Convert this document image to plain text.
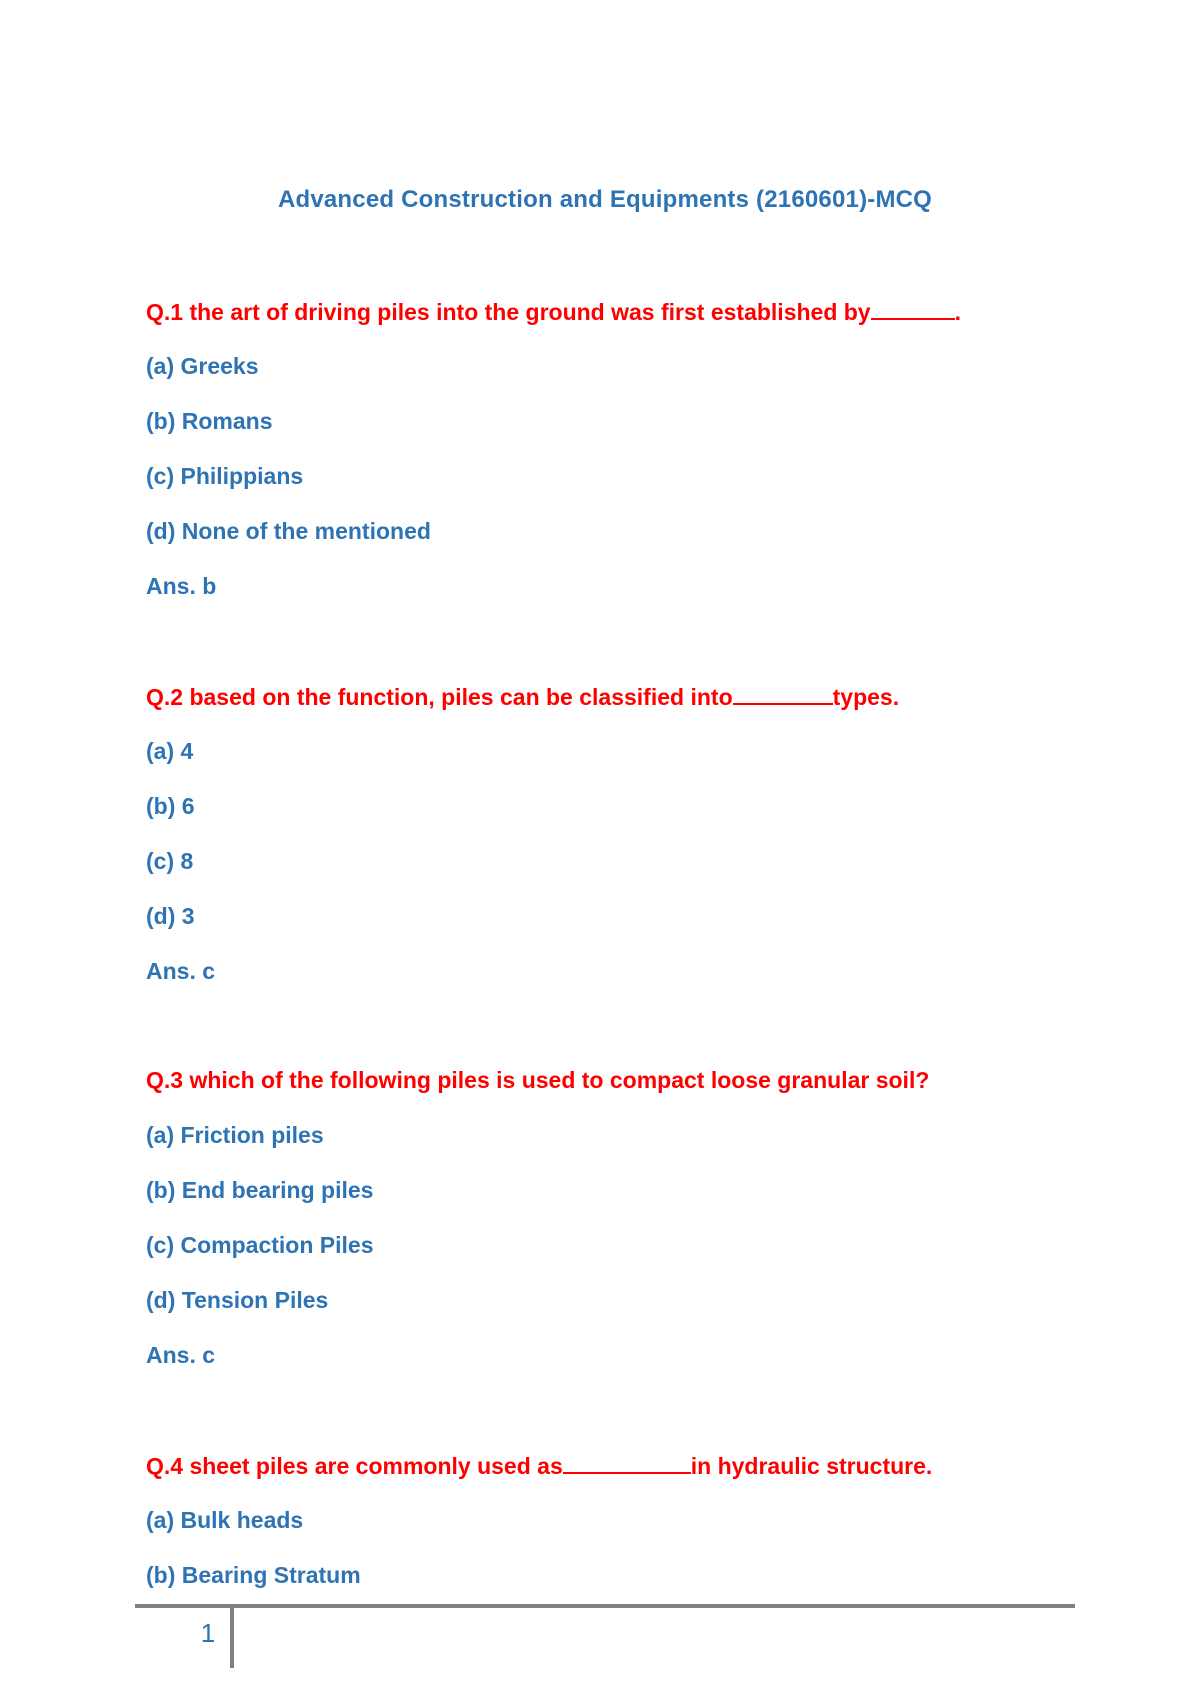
Advanced Construction and Equipments (2160601)-MCQ
Q.1 the art of driving piles into the ground was first established by	.
(a) Greeks
(b) Romans
(c) Philippians
(d) None of the mentioned
Ans. b
Q.2 based on the function, piles can be classified into	types.
(a) 4
(b) 6
(c) 8
(d) 3
Ans. c
Q.3 which of the following piles is used to compact loose granular soil?
(a) Friction piles
(b) End bearing piles
(c) Compaction Piles
(d) Tension Piles
Ans. c
Q.4 sheet piles are commonly used as	in hydraulic structure.
(a) Bulk heads
(b) Bearing Stratum
1
